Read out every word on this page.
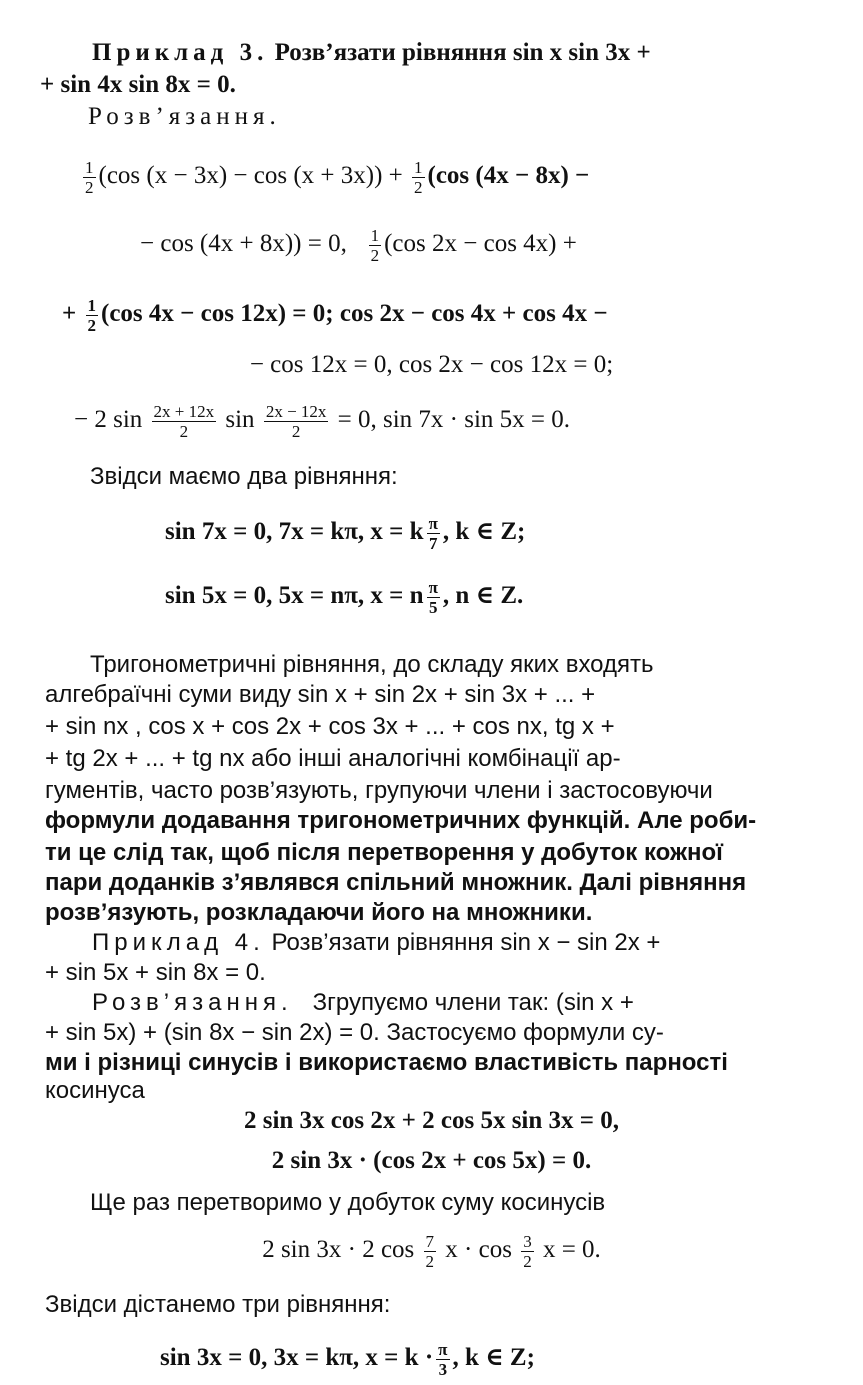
Приклад 3. Розв’язати рівняння sin x sin 3x +
+ sin 4x sin 8x = 0.
Розв’язання.
$\frac{1}{2} (\cos$ $(x - 3x) - \cos (x + 3x)) + \frac{1}{2} (\cos$ (4x − 8x) −
− cos (4x + 8x)) = 0, $\frac{1}{2} (\cos$ 2x − cos 4x) +
+ $\frac{1}{2} (\cos$ 4x − cos 12x) = 0; cos 2x − cos 4x + cos 4x −
− cos 12x = 0, cos 2x − cos 12x = 0;
− 2 $\sin \frac{2x + 12x}{2}$ $\sin \frac{2x - 12x}{2} = 0$, sin 7x · sin 5x = 0.
Звідси маємо два рівняння:
sin 7x = 0, 7x = kπ, x = k $\frac{\pi}{7}$ , k ∈ Z;
sin 5x = 0, 5x = nπ, x = n $\frac{\pi}{5}$ , n ∈ Z.
Тригонометричні рівняння, до складу яких входять
алгебраїчні суми виду sin x + sin 2x + sin 3x + ... +
+ sin nx , cos x + cos 2x + cos 3x + ... + cos nx, tg x +
+ tg 2x + ... + tg nx або інші аналогічні комбінації ар-
гументів, часто розв’язують, групуючи члени і застосовуючи
формули додавання тригонометричних функцій. Але роби-
ти це слід так, щоб після перетворення у добуток кожної
пари доданків з’являвся спільний множник. Далі рівняння
розв’язують, розкладаючи його на множники.
Приклад 4. Розв’язати рівняння sin x − sin 2x +
+ sin 5x + sin 8x = 0.
Розв’язання. Згрупуємо члени так: (sin x +
+ sin 5x) + (sin 8x − sin 2x) = 0. Застосуємо формули су-
ми і різниці синусів і використаємо властивість парності
косинуса
2 sin 3x cos 2x + 2 cos 5x sin 3x = 0,
2 sin 3x · (cos 2x + cos 5x) = 0.
Ще раз перетворимо у добуток суму косинусів
2 sin 3x · 2 $\cos \frac{7}{2}$ $x \cdot \cos \frac{3}{2}$ x = 0.
Звідси дістанемо три рівняння:
sin 3x = 0, 3x = kπ, $x = k \cdot \frac{\pi}{3}$ , k ∈ Z;
